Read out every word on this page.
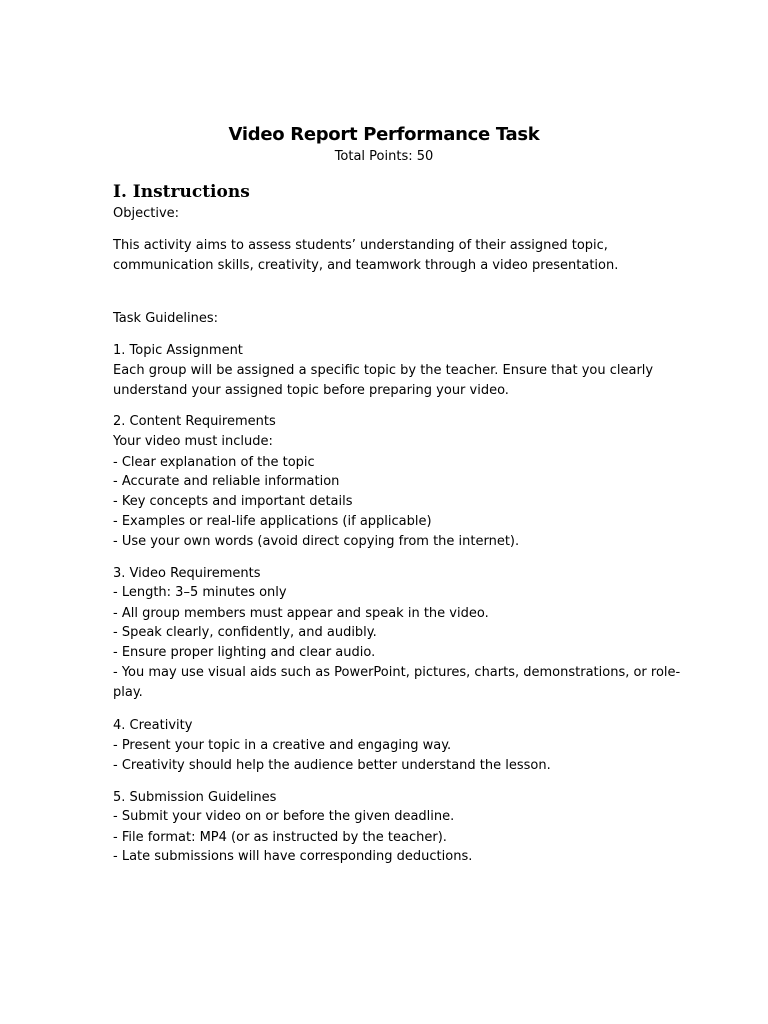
Video Report Performance Task
Total Points: 50
I. Instructions
Objective:
This activity aims to assess students’ understanding of their assigned topic,
communication skills, creativity, and teamwork through a video presentation.
Task Guidelines:
1. Topic Assignment
Each group will be assigned a specific topic by the teacher. Ensure that you clearly
understand your assigned topic before preparing your video.
2. Content Requirements
Your video must include:
- Clear explanation of the topic
- Accurate and reliable information
- Key concepts and important details
- Examples or real-life applications (if applicable)
- Use your own words (avoid direct copying from the internet).
3. Video Requirements
- Length: 3–5 minutes only
- All group members must appear and speak in the video.
- Speak clearly, confidently, and audibly.
- Ensure proper lighting and clear audio.
- You may use visual aids such as PowerPoint, pictures, charts, demonstrations, or role-
play.
4. Creativity
- Present your topic in a creative and engaging way.
- Creativity should help the audience better understand the lesson.
5. Submission Guidelines
- Submit your video on or before the given deadline.
- File format: MP4 (or as instructed by the teacher).
- Late submissions will have corresponding deductions.
